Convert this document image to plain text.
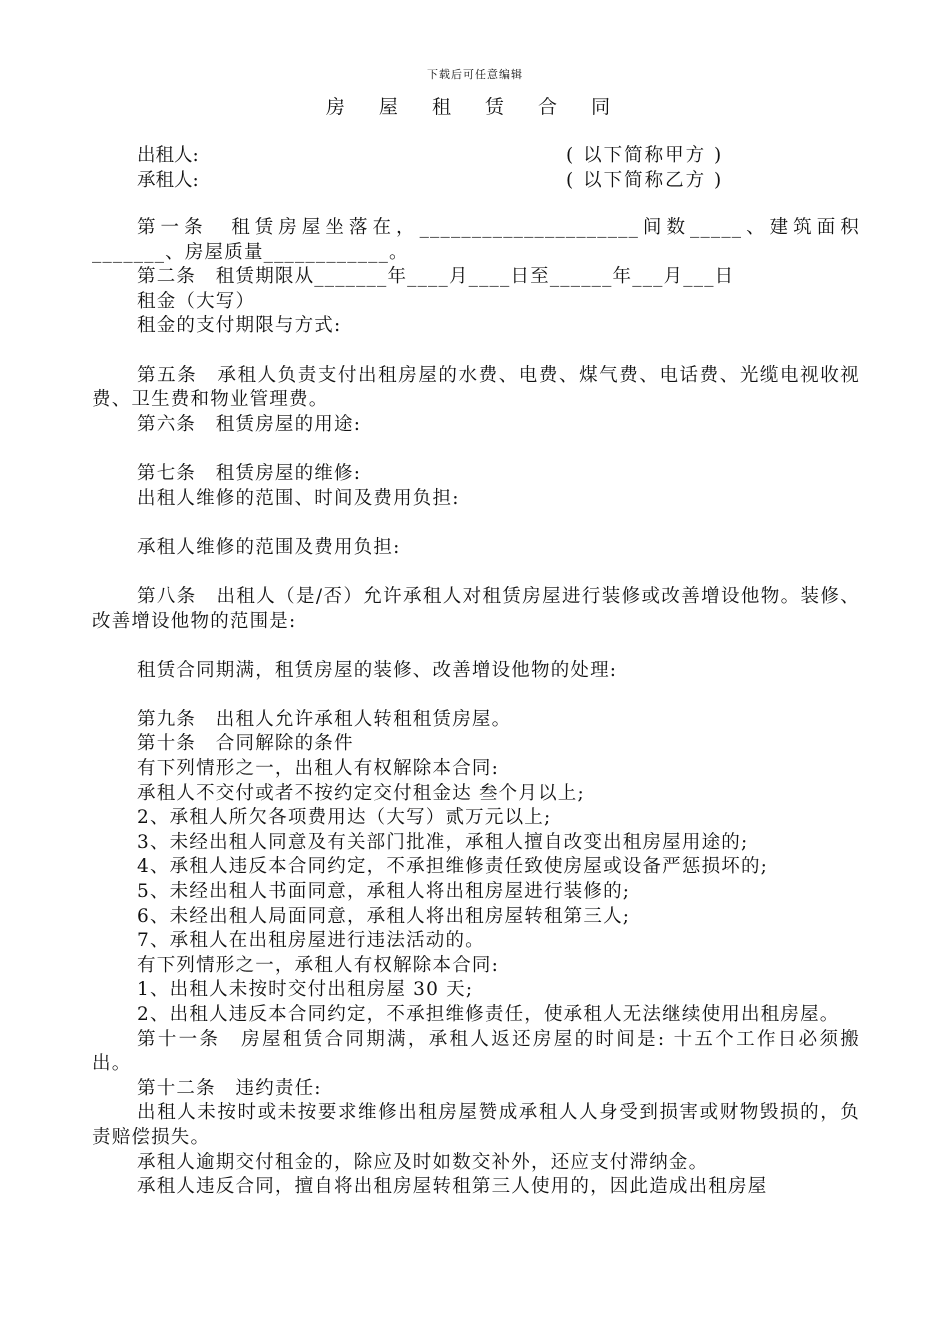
下载后可任意编辑
房 屋 租 赁 合 同
出租人:	( 以下简称甲方 )
承租人:	( 以下简称乙方 )
第一条　租赁房屋坐落在，_____________________间数_____、建筑面积_______、房屋质量____________。
第二条　租赁期限从_______年____月____日至______年___月___日
租金（大写）
租金的支付期限与方式:
第五条　承租人负责支付出租房屋的水费、电费、煤气费、电话费、光缆电视收视费、卫生费和物业管理费。
第六条　租赁房屋的用途:
第七条　租赁房屋的维修:
出租人维修的范围、时间及费用负担:
承租人维修的范围及费用负担:
第八条　出租人（是/否）允许承租人对租赁房屋进行装修或改善增设他物。装修、改善增设他物的范围是:
租赁合同期满，租赁房屋的装修、改善增设他物的处理:
第九条　出租人允许承租人转租租赁房屋。
第十条　合同解除的条件
有下列情形之一，出租人有权解除本合同:
承租人不交付或者不按约定交付租金达 叁个月以上;
2、承租人所欠各项费用达（大写）贰万元以上;
3、未经出租人同意及有关部门批准，承租人擅自改变出租房屋用途的;
4、承租人违反本合同约定，不承担维修责任致使房屋或设备严惩损坏的;
5、未经出租人书面同意，承租人将出租房屋进行装修的;
6、未经出租人局面同意，承租人将出租房屋转租第三人;
7、承租人在出租房屋进行违法活动的。
有下列情形之一，承租人有权解除本合同:
1、出租人未按时交付出租房屋 30 天;
2、出租人违反本合同约定，不承担维修责任，使承租人无法继续使用出租房屋。
第十一条　房屋租赁合同期满，承租人返还房屋的时间是: 十五个工作日必须搬出。
第十二条　违约责任:
出租人未按时或未按要求维修出租房屋赞成承租人人身受到损害或财物毁损的，负责赔偿损失。
承租人逾期交付租金的，除应及时如数交补外，还应支付滞纳金。
承租人违反合同，擅自将出租房屋转租第三人使用的，因此造成出租房屋
